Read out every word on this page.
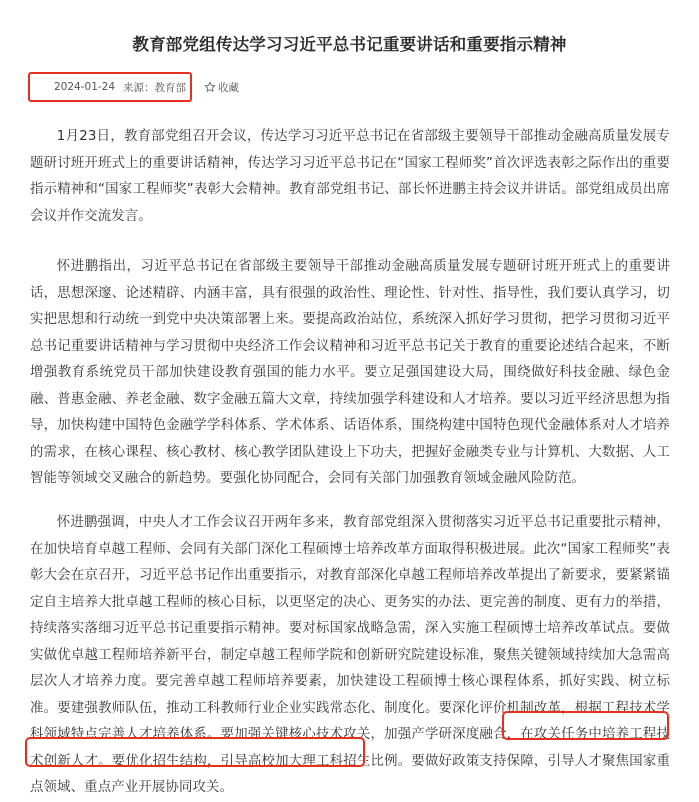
教育部党组传达学习习近平总书记重要讲话和重要指示精神
2024-01-24 来源：教育部	收藏

1月23日，教育部党组召开会议，传达学习习近平总书记在省部级主要领导干部推动金融高质量发展专题研讨班开班式上的重要讲话精神，传达学习习近平总书记在“国家工程师奖”首次评选表彰之际作出的重要指示精神和“国家工程师奖”表彰大会精神。教育部党组书记、部长怀进鹏主持会议并讲话。部党组成员出席会议并作交流发言。

怀进鹏指出，习近平总书记在省部级主要领导干部推动金融高质量发展专题研讨班开班式上的重要讲话，思想深邃、论述精辟、内涵丰富，具有很强的政治性、理论性、针对性、指导性，我们要认真学习，切实把思想和行动统一到党中央决策部署上来。要提高政治站位，系统深入抓好学习贯彻，把学习贯彻习近平总书记重要讲话精神与学习贯彻中央经济工作会议精神和习近平总书记关于教育的重要论述结合起来，不断增强教育系统党员干部加快建设教育强国的能力水平。要立足强国建设大局，围绕做好科技金融、绿色金融、普惠金融、养老金融、数字金融五篇大文章，持续加强学科建设和人才培养。要以习近平经济思想为指导，加快构建中国特色金融学学科体系、学术体系、话语体系，围绕构建中国特色现代金融体系对人才培养的需求，在核心课程、核心教材、核心教学团队建设上下功夫，把握好金融类专业与计算机、大数据、人工智能等领域交叉融合的新趋势。要强化协同配合，会同有关部门加强教育领域金融风险防范。

怀进鹏强调，中央人才工作会议召开两年多来，教育部党组深入贯彻落实习近平总书记重要批示精神，在加快培育卓越工程师、会同有关部门深化工程硕博士培养改革方面取得积极进展。此次“国家工程师奖”表彰大会在京召开，习近平总书记作出重要指示，对教育部深化卓越工程师培养改革提出了新要求，要紧紧锚定自主培养大批卓越工程师的核心目标，以更坚定的决心、更务实的办法、更完善的制度、更有力的举措，持续落实落细习近平总书记重要指示精神。要对标国家战略急需，深入实施工程硕博士培养改革试点。要做实做优卓越工程师培养新平台，制定卓越工程师学院和创新研究院建设标准，聚焦关键领域持续加大急需高层次人才培养力度。要完善卓越工程师培养要素，加快建设工程硕博士核心课程体系，抓好实践、树立标准。要建强教师队伍，推动工科教师行业企业实践常态化、制度化。要深化评价机制改革，根据工程技术学科领域特点完善人才培养体系。要加强关键核心技术攻关，加强产学研深度融合，在攻关任务中培养工程技术创新人才。要优化招生结构，引导高校加大理工科招生比例。要做好政策支持保障，引导人才聚焦国家重点领域、重点产业开展协同攻关。
